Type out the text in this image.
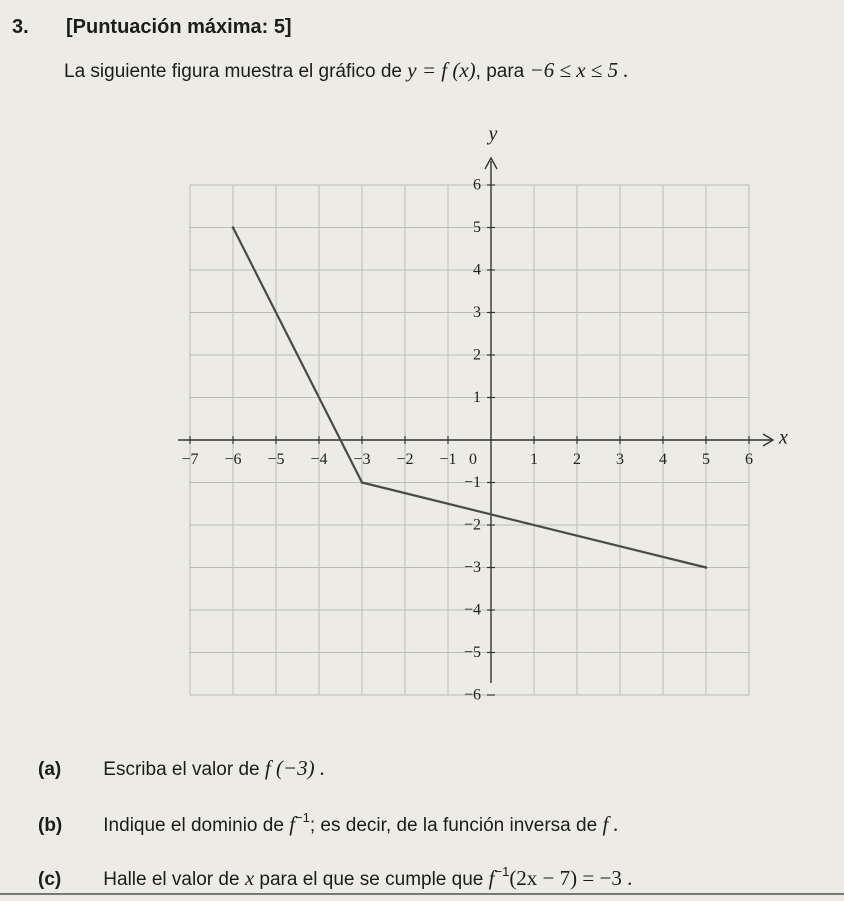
3. [Puntuación máxima: 5]
La siguiente figura muestra el gráfico de y = f (x), para −6 ≤ x ≤ 5 .
x
y
−7 −6 −5 −4 −3 −2 −1	1 2 3 4 5 6
6
5
4
3
2
1
−1
−2
−3
−4
−5
−6
0
(a) Escriba el valor de f (−3) .
(b) Indique el dominio de $f^{-1}$; es decir, de la función inversa de f .
(c) Halle el valor de x para el que se cumple que $f^{-1}(2x - 7) = -3$ .
